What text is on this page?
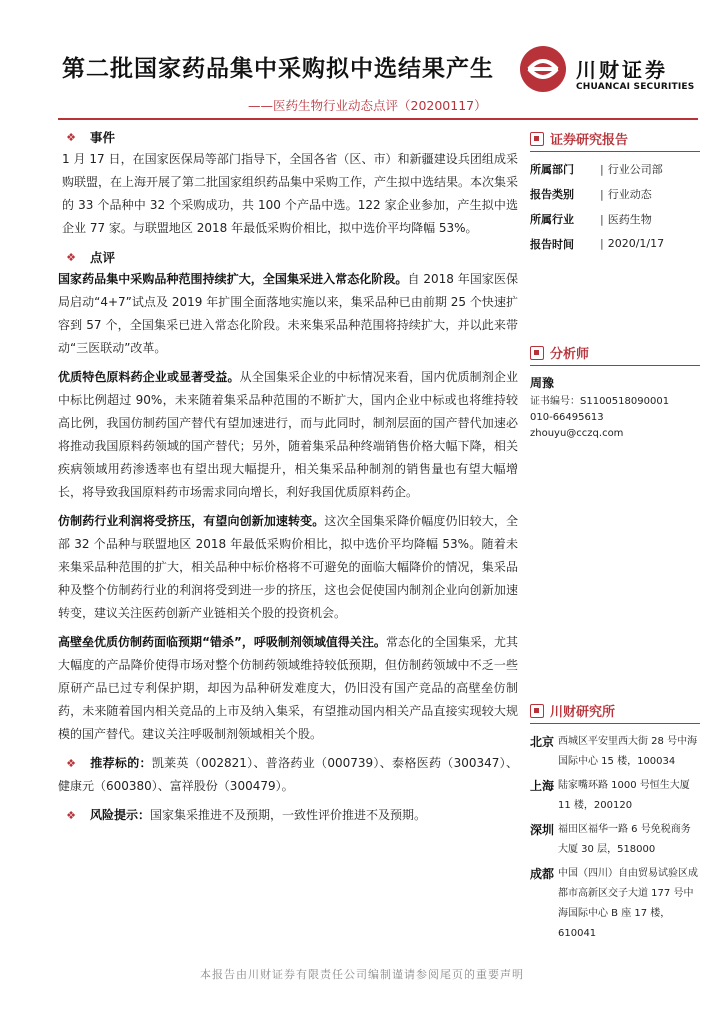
第二批国家药品集中采购拟中选结果产生
——医药生物行业动态点评（20200117）
川财证券
CHUANCAI SECURITIES
❖ 事件

1 月 17 日，在国家医保局等部门指导下，全国各省（区、市）和新疆建设兵团组成采购联盟，在上海开展了第二批国家组织药品集中采购工作，产生拟中选结果。本次集采的 33 个品种中 32 个采购成功，共 100 个产品中选。122 家企业参加，产生拟中选企业 77 家。与联盟地区 2018 年最低采购价相比，拟中选价平均降幅 53%。

❖ 点评

国家药品集中采购品种范围持续扩大，全国集采进入常态化阶段。自 2018 年国家医保局启动“4+7”试点及 2019 年扩围全面落地实施以来，集采品种已由前期 25 个快速扩容到 57 个，全国集采已进入常态化阶段。未来集采品种范围将持续扩大，并以此来带动“三医联动”改革。

优质特色原料药企业或显著受益。从全国集采企业的中标情况来看，国内优质制剂企业中标比例超过 90%，未来随着集采品种范围的不断扩大，国内企业中标或也将维持较高比例，我国仿制药国产替代有望加速进行，而与此同时，制剂层面的国产替代加速必将推动我国原料药领域的国产替代；另外，随着集采品种终端销售价格大幅下降，相关疾病领域用药渗透率也有望出现大幅提升，相关集采品种制剂的销售量也有望大幅增长，将导致我国原料药市场需求同向增长，利好我国优质原料药企。

仿制药行业利润将受挤压，有望向创新加速转变。这次全国集采降价幅度仍旧较大，全部 32 个品种与联盟地区 2018 年最低采购价相比，拟中选价平均降幅 53%。随着未来集采品种范围的扩大，相关品种中标价格将不可避免的面临大幅降价的情况，集采品种及整个仿制药行业的利润将受到进一步的挤压，这也会促使国内制剂企业向创新加速转变，建议关注医药创新产业链相关个股的投资机会。

高壁垒优质仿制药面临预期“错杀”，呼吸制剂领域值得关注。常态化的全国集采，尤其大幅度的产品降价使得市场对整个仿制药领域维持较低预期，但仿制药领域中不乏一些原研产品已过专利保护期，却因为品种研发难度大，仍旧没有国产竞品的高壁垒仿制药，未来随着国内相关竞品的上市及纳入集采，有望推动国内相关产品直接实现较大规模的国产替代。建议关注呼吸制剂领域相关个股。

❖ 推荐标的：凯莱英（002821）、普洛药业（000739）、泰格医药（300347）、健康元（600380）、富祥股份（300479）。

❖ 风险提示：国家集采推进不及预期，一致性评价推进不及预期。

证券研究报告
所属部门	| 行业公司部
报告类别	| 行业动态
所属行业	| 医药生物
报告时间	| 2020/1/17
分析师
周豫
证书编号：S1100518090001
010-66495613
zhouyu@cczq.com
川财研究所
北京 西城区平安里西大街 28 号中海国际中心 15 楼，100034
上海 陆家嘴环路 1000 号恒生大厦 11 楼，200120
深圳 福田区福华一路 6 号免税商务大厦 30 层，518000
成都 中国（四川）自由贸易试验区成都市高新区交子大道 177 号中海国际中心 B 座 17 楼，610041
本报告由川财证券有限责任公司编制谨请参阅尾页的重要声明
